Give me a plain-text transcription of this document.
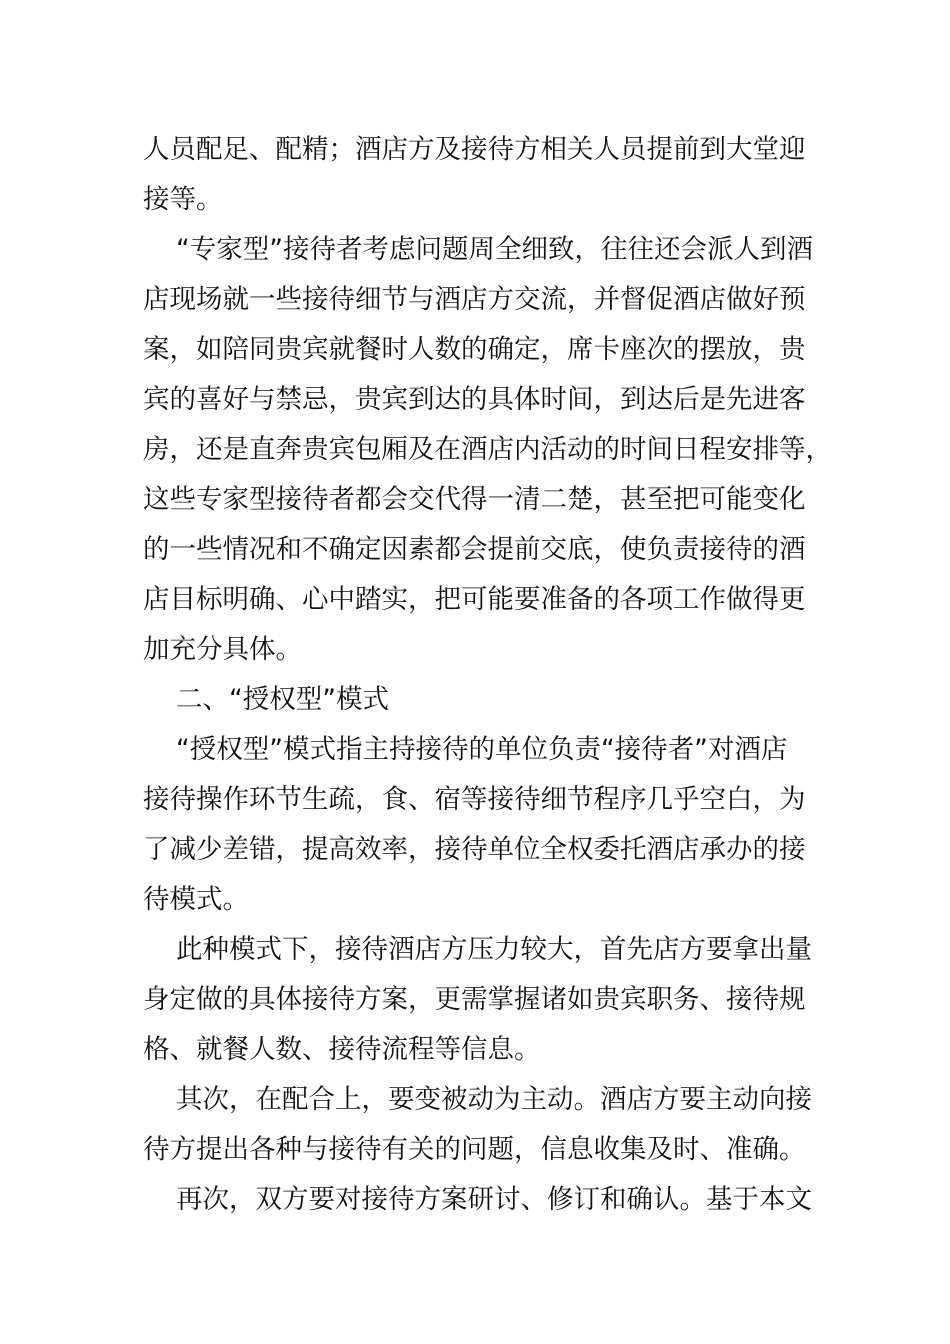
人员配足、配精；酒店方及接待方相关人员提前到大堂迎
接等。
“专家型”接待者考虑问题周全细致，往往还会派人到酒
店现场就一些接待细节与酒店方交流，并督促酒店做好预
案，如陪同贵宾就餐时人数的确定，席卡座次的摆放，贵
宾的喜好与禁忌，贵宾到达的具体时间，到达后是先进客
房，还是直奔贵宾包厢及在酒店内活动的时间日程安排等，
这些专家型接待者都会交代得一清二楚，甚至把可能变化
的一些情况和不确定因素都会提前交底，使负责接待的酒
店目标明确、心中踏实，把可能要准备的各项工作做得更
加充分具体。
二、“授权型”模式
“授权型”模式指主持接待的单位负责“接待者”对酒店
接待操作环节生疏，食、宿等接待细节程序几乎空白，为
了减少差错，提高效率，接待单位全权委托酒店承办的接
待模式。
此种模式下，接待酒店方压力较大，首先店方要拿出量
身定做的具体接待方案，更需掌握诸如贵宾职务、接待规
格、就餐人数、接待流程等信息。
其次，在配合上，要变被动为主动。酒店方要主动向接
待方提出各种与接待有关的问题，信息收集及时、准确。
再次，双方要对接待方案研讨、修订和确认。基于本文
